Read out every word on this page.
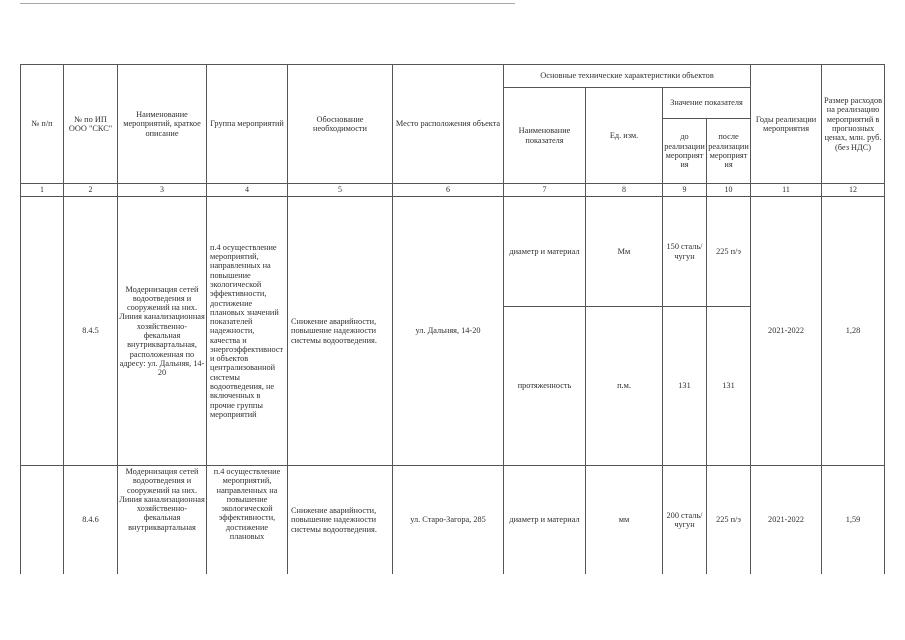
№ п/п	№ по ИП ООО "СКС"	Наименование мероприятий, краткое описание	Группа мероприятий	Обоснование необходимости	Место расположения объекта	Основные технические характеристики объектов				Годы реализации мероприятия	Размер расходов на реализацию мероприятий в прогнозных ценах, млн. руб. (без НДС)
						Наименование показателя	Ед. изм.	Значение показателя			
								до реализации мероприятия	после реализации мероприятия		
1	2	3	4	5	6	7	8	9	10	11	12
	8.4.5	Модернизация сетей водоотведения и сооружений на них. Линия канализационная хозяйственно-фекальная внутриквартальная, расположенная по адресу: ул. Дальняя, 14-20	п.4 осуществление мероприятий, направленных на повышение экологической эффективности, достижение плановых значений показателей надежности, качества и энергоэффективности объектов централизованной системы водоотведения, не включенных в прочие группы мероприятий	Снижение аварийности, повышение надежности системы водоотведения.	ул. Дальняя, 14-20	диаметр и материал	Мм	150 сталь/чугун	225 п/э	2021-2022	1,28
						протяженность	п.м.	131	131		
	8.4.6	Модернизация сетей водоотведения и сооружений на них. Линия канализационная хозяйственно-фекальная внутриквартальная	п.4 осуществление мероприятий, направленных на повышение экологической эффективности, достижение плановых	Снижение аварийности, повышение надежности системы водоотведения.	ул. Старо-Загора, 285	диаметр и материал	мм	200 сталь/чугун	225 п/э	2021-2022	1,59
